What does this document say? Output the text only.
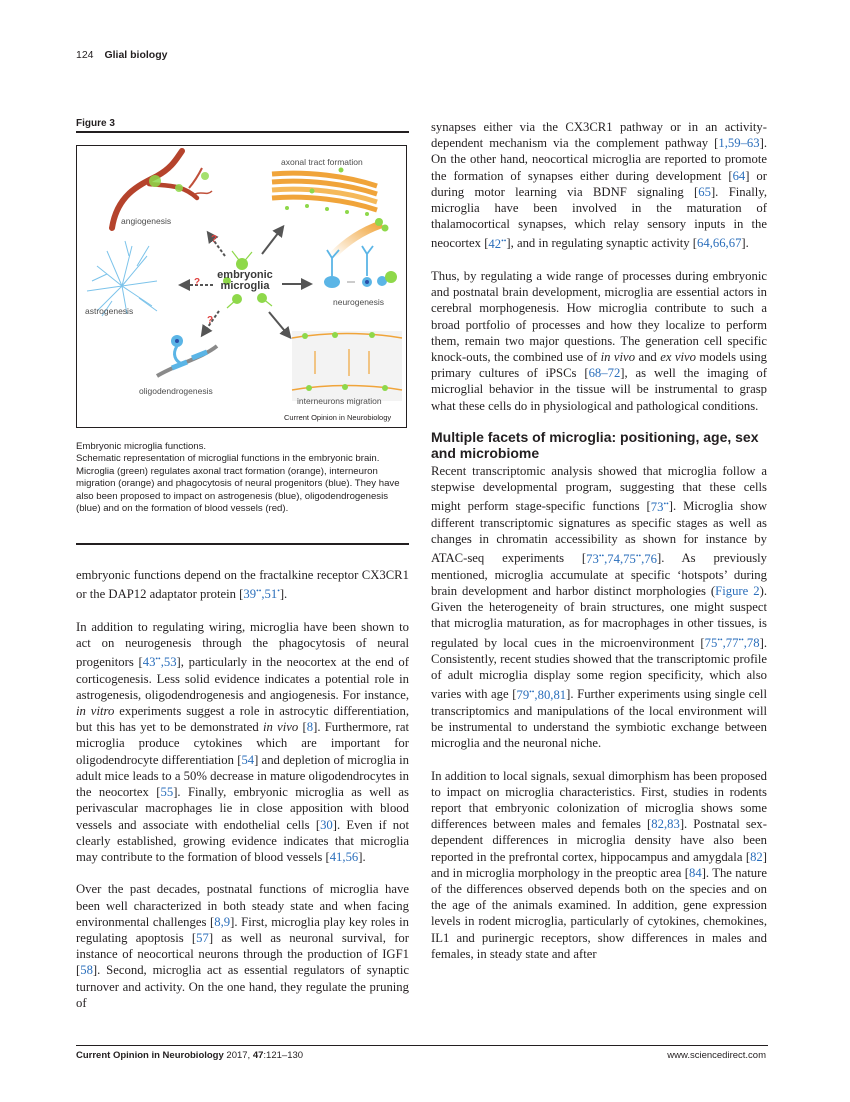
124 Glial biology
Figure 3
angiogenesis
axonal tract formation
astrogenesis
neurogenesis
oligodendrogenesis
interneurons migration
embryonic
microglia
?
?
?
Current Opinion in Neurobiology

Embryonic microglia functions.

Schematic representation of microglial functions in the embryonic brain. Microglia (green) regulates axonal tract formation (orange), interneuron migration (orange) and phagocytosis of neural progenitors (blue). They have also been proposed to impact on astrogenesis (blue), oligodendrogenesis (blue) and on the formation of blood vessels (red).

embryonic functions depend on the fractalkine receptor CX3CR1 or the DAP12 adaptator protein [39••,51•].

In addition to regulating wiring, microglia have been shown to act on neurogenesis through the phagocytosis of neural progenitors [43••,53], particularly in the neocortex at the end of corticogenesis. Less solid evidence indicates a potential role in astrogenesis, oligodendrogenesis and angiogenesis. For instance, in vitro experiments suggest a role in astrocytic differentiation, but this has yet to be demonstrated in vivo [8]. Furthermore, rat microglia produce cytokines which are important for oligodendrocyte differentiation [54] and depletion of microglia in adult mice leads to a 50% decrease in mature oligodendrocytes in the neocortex [55]. Finally, embryonic microglia as well as perivascular macrophages lie in close apposition with blood vessels and associate with endothelial cells [30]. Even if not clearly established, growing evidence indicates that microglia may contribute to the formation of blood vessels [41,56].

Over the past decades, postnatal functions of microglia have been well characterized in both steady state and when facing environmental challenges [8,9]. First, microglia play key roles in regulating apoptosis [57] as well as neuronal survival, for instance of neocortical neurons through the production of IGF1 [58]. Second, microglia act as essential regulators of synaptic turnover and activity. On the one hand, they regulate the pruning of

synapses either via the CX3CR1 pathway or in an activity-dependent mechanism via the complement pathway [1,59–63]. On the other hand, neocortical microglia are reported to promote the formation of synapses either during development [64] or during motor learning via BDNF signaling [65]. Finally, microglia have been involved in the maturation of thalamocortical synapses, which relay sensory inputs in the neocortex [42••], and in regulating synaptic activity [64,66,67].

Thus, by regulating a wide range of processes during embryonic and postnatal brain development, microglia are essential actors in cerebral morphogenesis. How microglia contribute to such a broad portfolio of processes and how they localize to perform them, remain two major questions. The generation cell specific knock-outs, the combined use of in vivo and ex vivo models using primary cultures of iPSCs [68–72], as well the imaging of microglial behavior in the tissue will be instrumental to grasp what these cells do in physiological and pathological conditions.

Multiple facets of microglia: positioning, age, sex and microbiome

Recent transcriptomic analysis showed that microglia follow a stepwise developmental program, suggesting that these cells might perform stage-specific functions [73••]. Microglia show different transcriptomic signatures as specific stages as well as changes in chromatin accessibility as shown for instance by ATAC-seq experiments [73••,74,75••,76]. As previously mentioned, microglia accumulate at specific ‘hotspots’ during brain development and harbor distinct morphologies (Figure 2). Given the heterogeneity of brain structures, one might suspect that microglia maturation, as for macrophages in other tissues, is regulated by local cues in the microenvironment [75••,77••,78]. Consistently, recent studies showed that the transcriptomic profile of adult microglia display some region specificity, which also varies with age [79••,80,81]. Further experiments using single cell transcriptomics and manipulations of the local environment will be instrumental to understand the symbiotic exchange between microglia and the neuronal niche.

In addition to local signals, sexual dimorphism has been proposed to impact on microglia characteristics. First, studies in rodents report that embryonic colonization of microglia shows some differences between males and females [82,83]. Postnatal sex-dependent differences in microglia density have also been reported in the prefrontal cortex, hippocampus and amygdala [82] and in microglia morphology in the preoptic area [84]. The nature of the differences observed depends both on the species and on the age of the animals examined. In addition, gene expression levels in rodent microglia, particularly of cytokines, chemokines, IL1 and purinergic receptors, show differences in males and females, in steady state and after

Current Opinion in Neurobiology 2017, 47:121–130	www.sciencedirect.com
